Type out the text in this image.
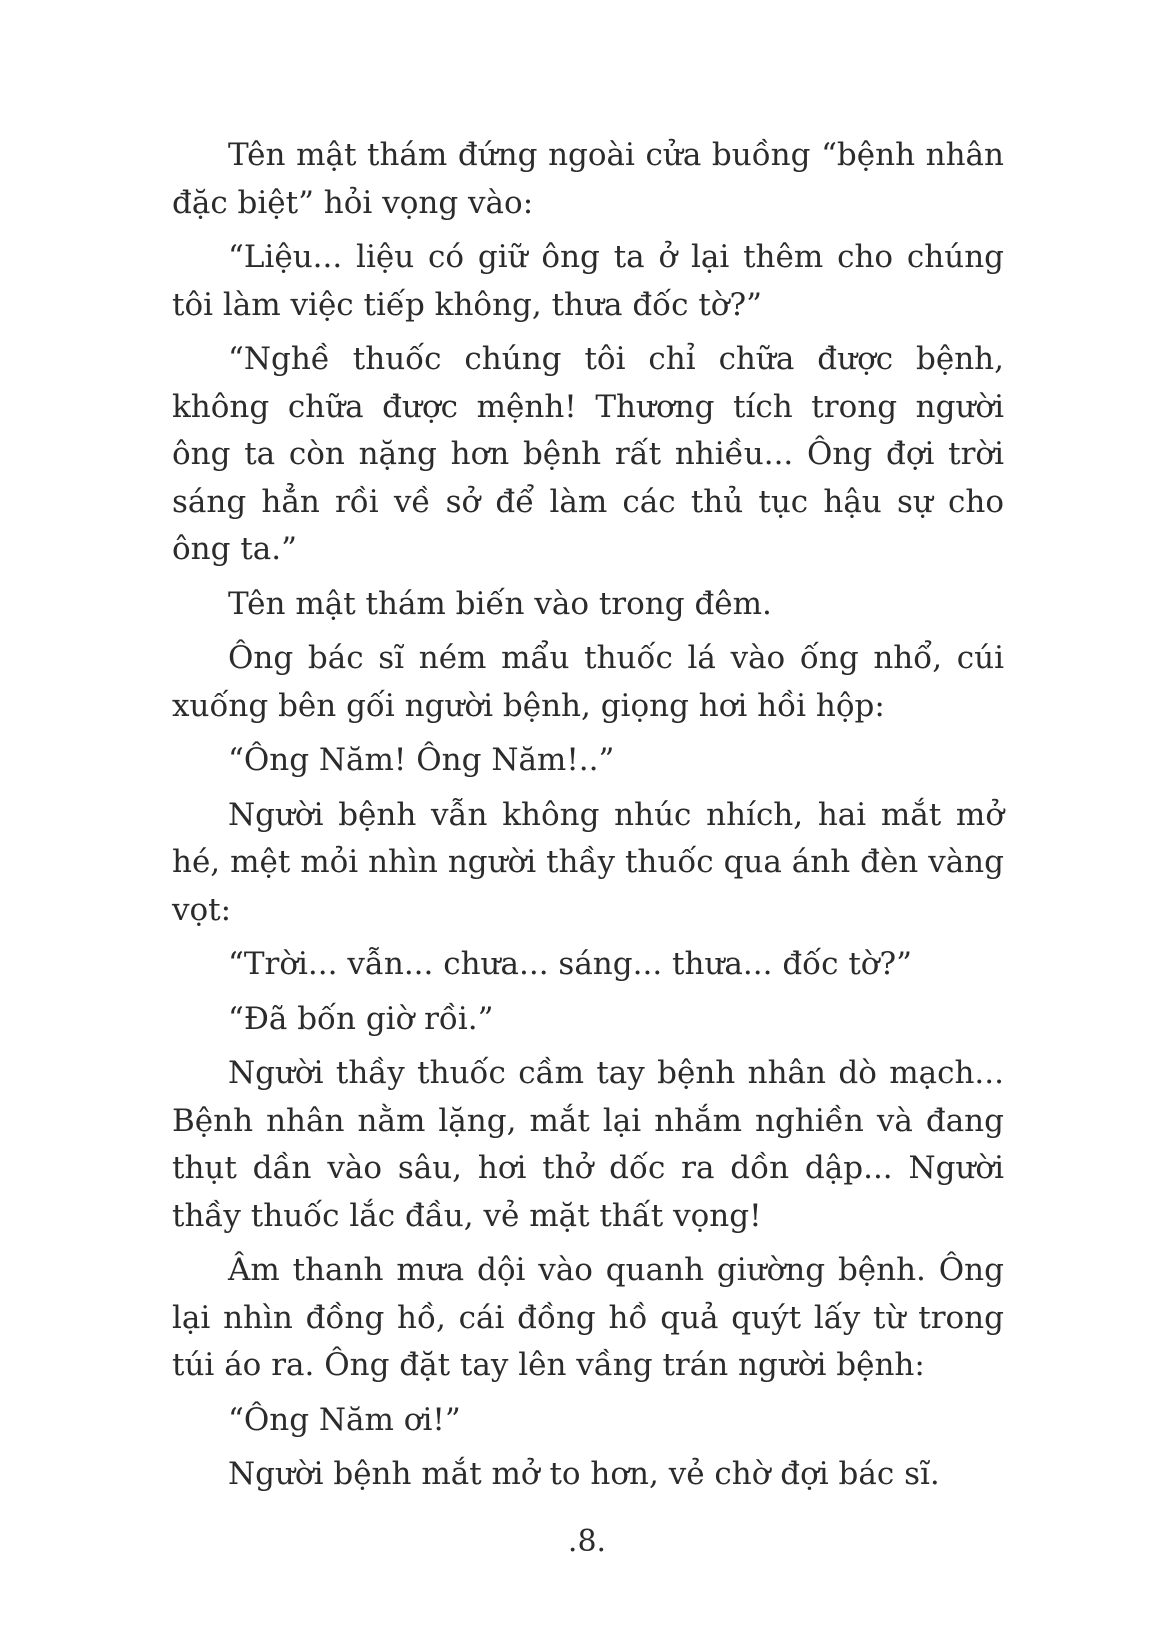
Tên mật thám đứng ngoài cửa buồng “bệnh nhân đặc biệt” hỏi vọng vào:

“Liệu... liệu có giữ ông ta ở lại thêm cho chúng tôi làm việc tiếp không, thưa đốc tờ?”

“Nghề thuốc chúng tôi chỉ chữa được bệnh, không chữa được mệnh! Thương tích trong người ông ta còn nặng hơn bệnh rất nhiều... Ông đợi trời sáng hẳn rồi về sở để làm các thủ tục hậu sự cho ông ta.”

Tên mật thám biến vào trong đêm.

Ông bác sĩ ném mẩu thuốc lá vào ống nhổ, cúi xuống bên gối người bệnh, giọng hơi hồi hộp:

“Ông Năm! Ông Năm!..”

Người bệnh vẫn không nhúc nhích, hai mắt mở hé, mệt mỏi nhìn người thầy thuốc qua ánh đèn vàng vọt:

“Trời... vẫn... chưa... sáng... thưa... đốc tờ?”

“Đã bốn giờ rồi.”

Người thầy thuốc cầm tay bệnh nhân dò mạch... Bệnh nhân nằm lặng, mắt lại nhắm nghiền và đang thụt dần vào sâu, hơi thở dốc ra dồn dập... Người thầy thuốc lắc đầu, vẻ mặt thất vọng!

Âm thanh mưa dội vào quanh giường bệnh. Ông lại nhìn đồng hồ, cái đồng hồ quả quýt lấy từ trong túi áo ra. Ông đặt tay lên vầng trán người bệnh:

“Ông Năm ơi!”

Người bệnh mắt mở to hơn, vẻ chờ đợi bác sĩ.

.8.
